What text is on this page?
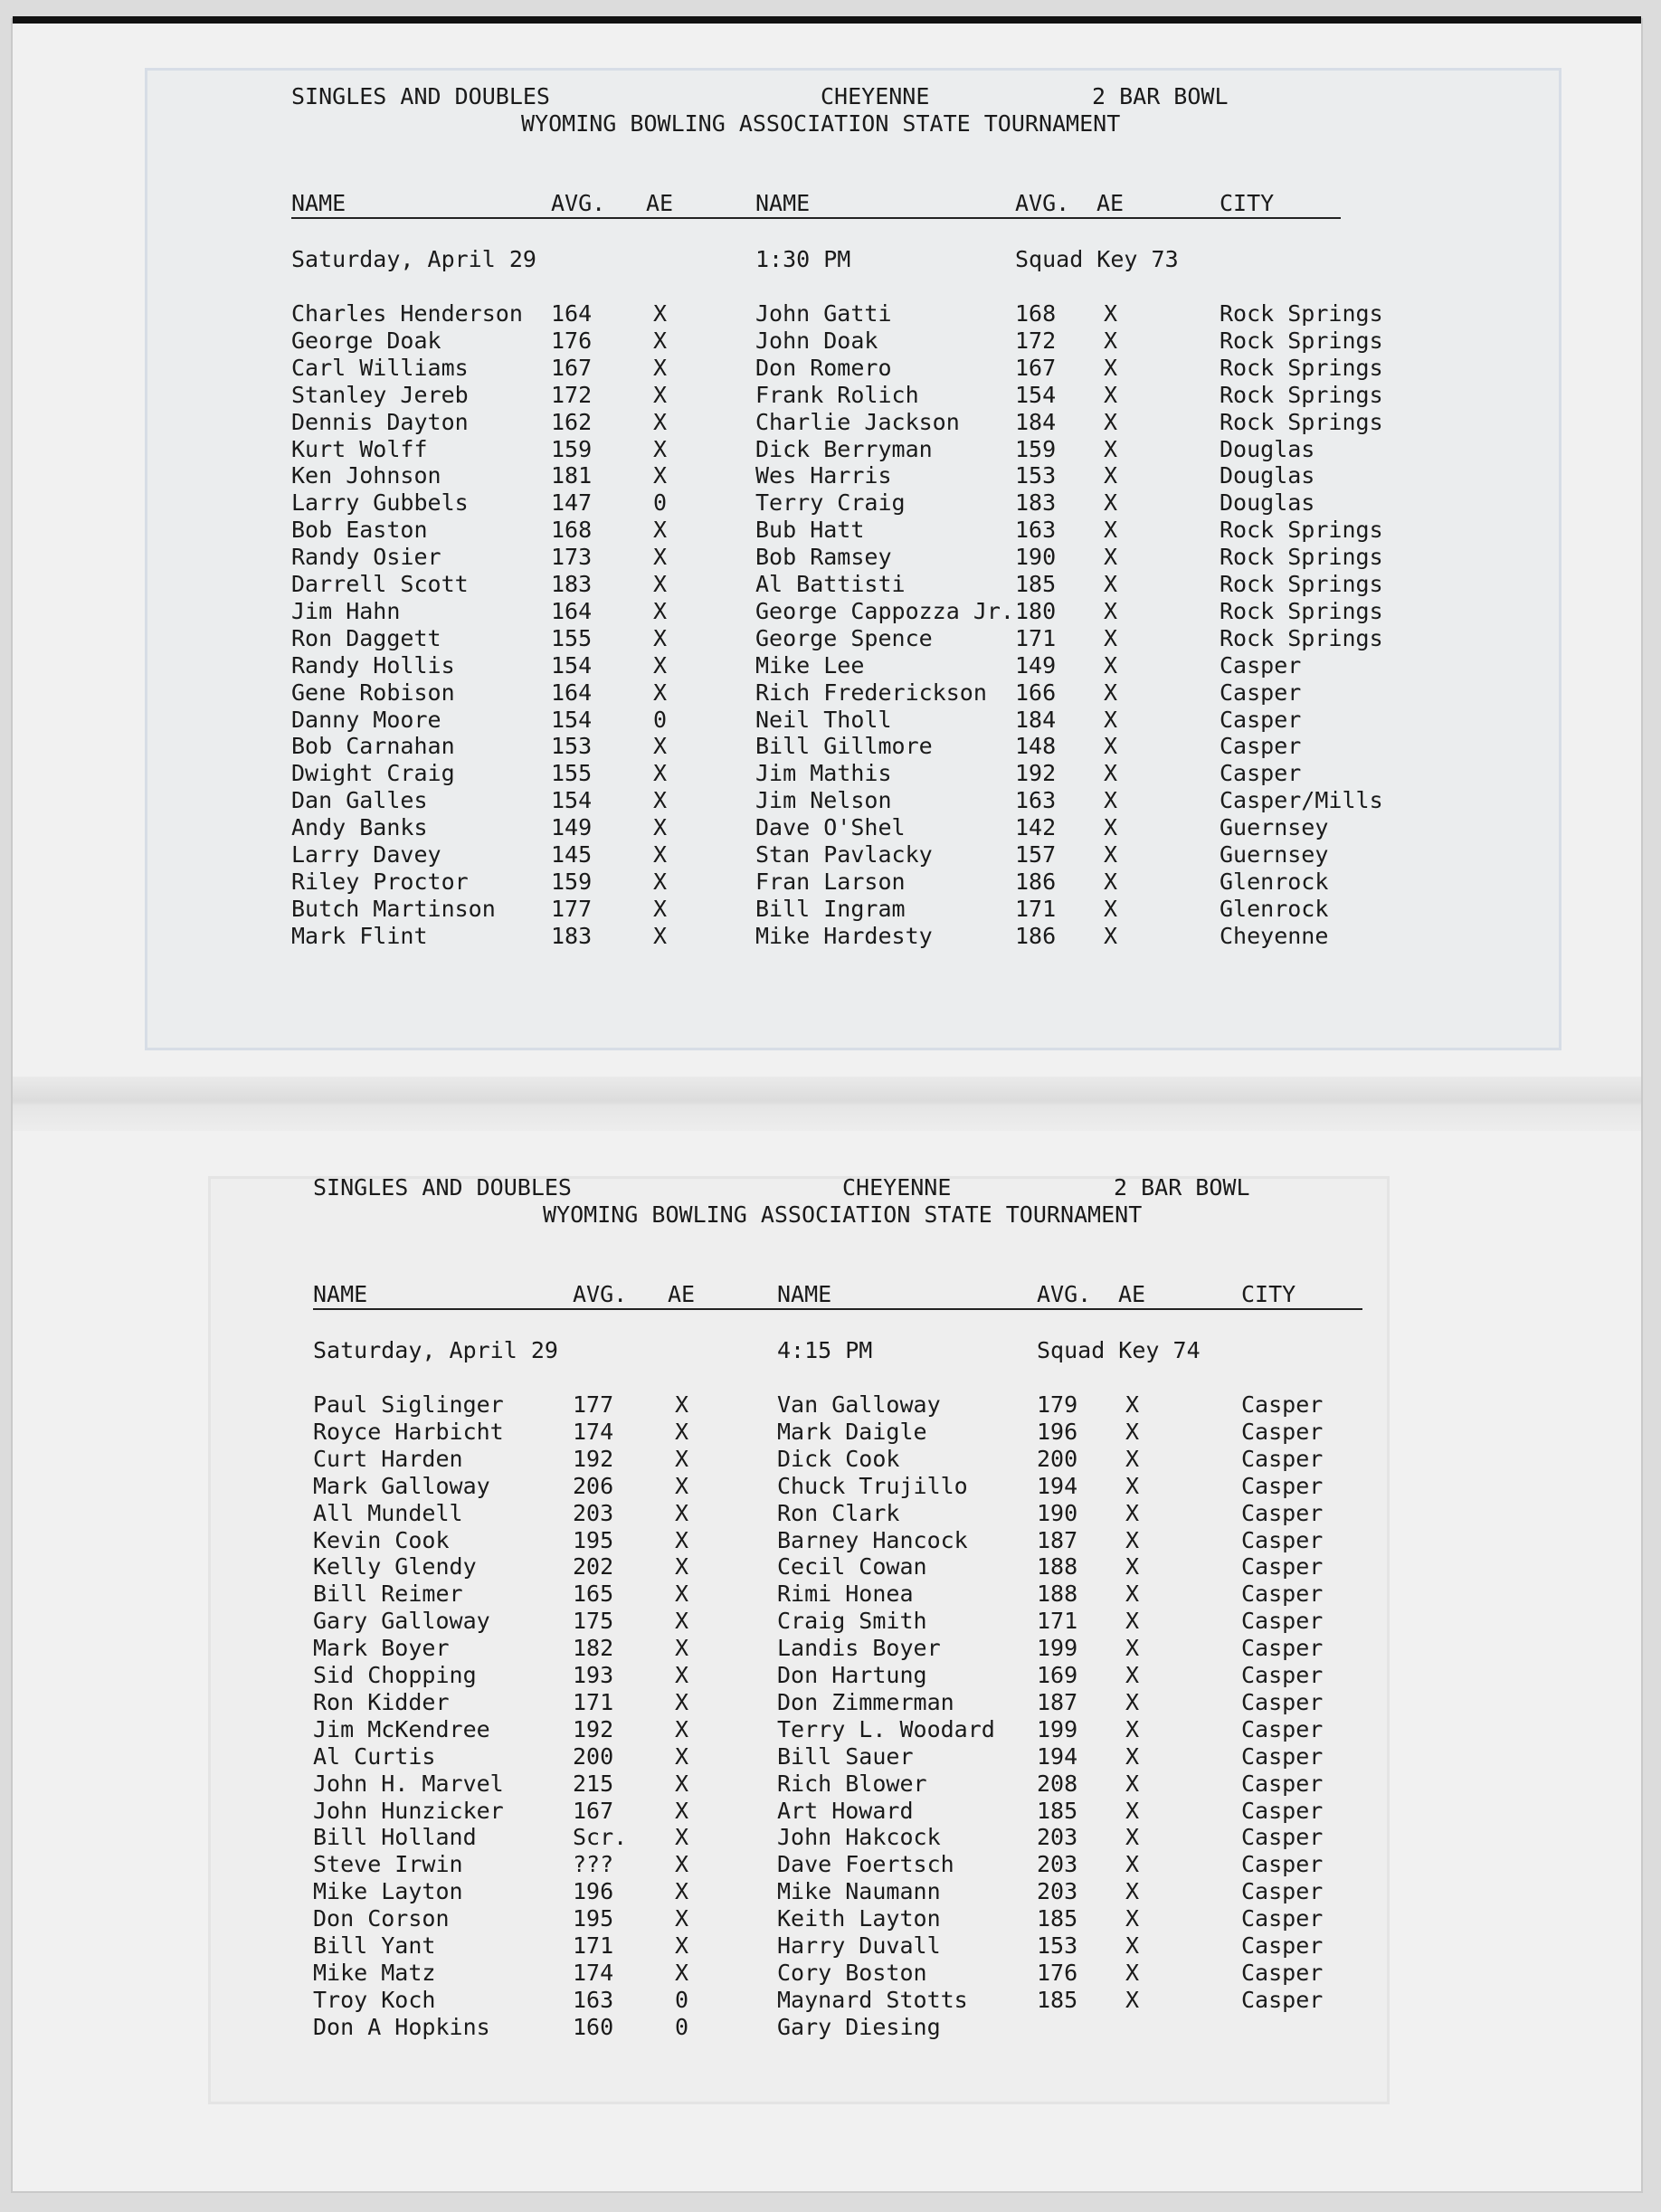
SINGLES AND DOUBLES	CHEYENNE	2 BAR BOWL
WYOMING BOWLING ASSOCIATION STATE TOURNAMENT
NAME	AVG. AE	NAME	AVG. AE	CITY
Saturday, April 29	1:30 PM	Squad Key 73
Charles Henderson 164	X	John Gatti	168 X	Rock Springs
George Doak	176	X	John Doak	172 X	Rock Springs
Carl Williams	167	X	Don Romero	167 X	Rock Springs
Stanley Jereb	172	X	Frank Rolich	154 X	Rock Springs
Dennis Dayton	162	X	Charlie Jackson 184 X	Rock Springs
Kurt Wolff	159	X	Dick Berryman	159 X	Douglas
Ken Johnson	181	X	Wes Harris	153 X	Douglas
Larry Gubbels	147	0	Terry Craig	183 X	Douglas
Bob Easton	168	X	Bub Hatt	163 X	Rock Springs
Randy Osier	173	X	Bob Ramsey	190 X	Rock Springs
Darrell Scott	183	X	Al Battisti	185 X	Rock Springs
Jim Hahn	164	X	George Cappozza Jr. 180 X	Rock Springs
Ron Daggett	155	X	George Spence	171 X	Rock Springs
Randy Hollis	154	X	Mike Lee	149 X	Casper
Gene Robison	164	X	Rich Frederickson 166 X	Casper
Danny Moore	154	0	Neil Tholl	184 X	Casper
Bob Carnahan	153	X	Bill Gillmore	148 X	Casper
Dwight Craig	155	X	Jim Mathis	192 X	Casper
Dan Galles	154	X	Jim Nelson	163 X	Casper/Mills
Andy Banks	149	X	Dave O'Shel	142 X	Guernsey
Larry Davey	145	X	Stan Pavlacky	157 X	Guernsey
Riley Proctor	159	X	Fran Larson	186 X	Glenrock
Butch Martinson 177	X	Bill Ingram	171 X	Glenrock
Mark Flint	183	X	Mike Hardesty	186 X	Cheyenne
SINGLES AND DOUBLES	CHEYENNE	2 BAR BOWL
WYOMING BOWLING ASSOCIATION STATE TOURNAMENT
NAME	AVG. AE	NAME	AVG. AE	CITY
Saturday, April 29	4:15 PM	Squad Key 74
Paul Siglinger	177	X	Van Galloway	179 X	Casper
Royce Harbicht	174	X	Mark Daigle	196 X	Casper
Curt Harden	192	X	Dick Cook	200 X	Casper
Mark Galloway	206	X	Chuck Trujillo	194 X	Casper
All Mundell	203	X	Ron Clark	190 X	Casper
Kevin Cook	195	X	Barney Hancock	187 X	Casper
Kelly Glendy	202	X	Cecil Cowan	188 X	Casper
Bill Reimer	165	X	Rimi Honea	188 X	Casper
Gary Galloway	175	X	Craig Smith	171 X	Casper
Mark Boyer	182	X	Landis Boyer	199 X	Casper
Sid Chopping	193	X	Don Hartung	169 X	Casper
Ron Kidder	171	X	Don Zimmerman	187 X	Casper
Jim McKendree	192	X	Terry L. Woodard 199 X	Casper
Al Curtis	200	X	Bill Sauer	194 X	Casper
John H. Marvel	215	X	Rich Blower	208 X	Casper
John Hunzicker	167	X	Art Howard	185 X	Casper
Bill Holland	Scr. X	John Hakcock	203 X	Casper
Steve Irwin	???	X	Dave Foertsch	203 X	Casper
Mike Layton	196	X	Mike Naumann	203 X	Casper
Don Corson	195	X	Keith Layton	185 X	Casper
Bill Yant	171	X	Harry Duvall	153 X	Casper
Mike Matz	174	X	Cory Boston	176 X	Casper
Troy Koch	163	0	Maynard Stotts	185 X	Casper
Don A Hopkins	160	0	Gary Diesing
